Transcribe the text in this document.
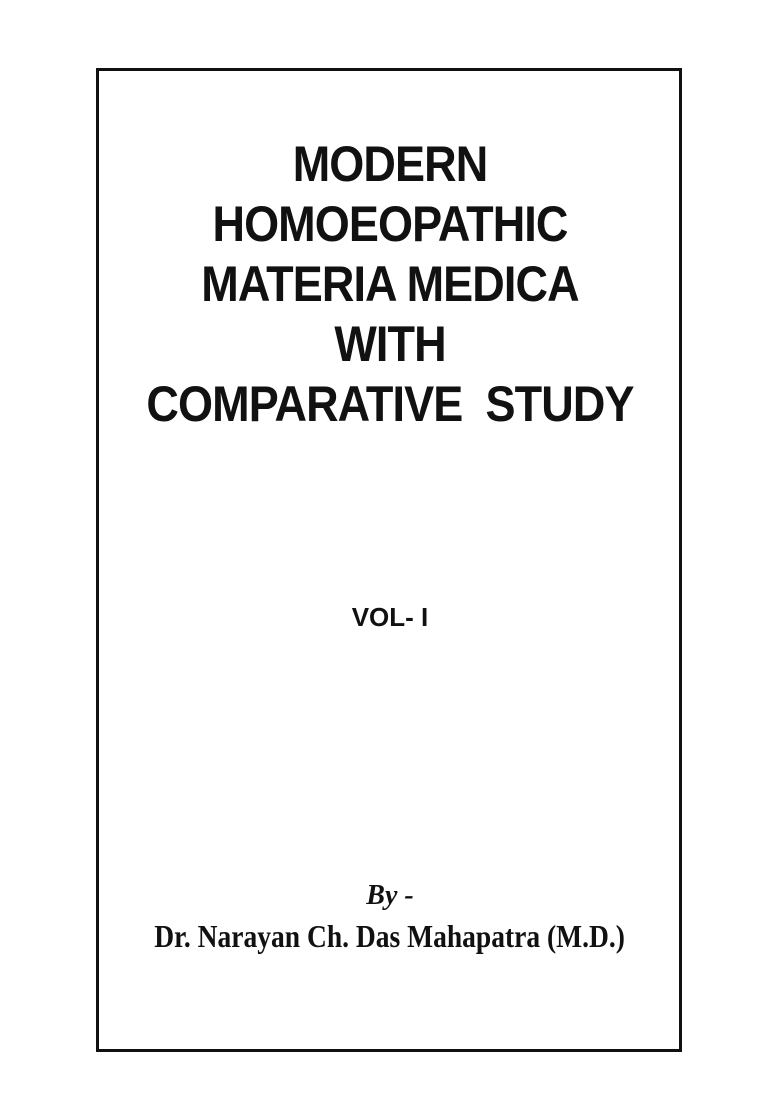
MODERN
HOMOEOPATHIC
MATERIA MEDICA
WITH
COMPARATIVE  STUDY
VOL- I
By -
Dr. Narayan Ch. Das Mahapatra (M.D.)
